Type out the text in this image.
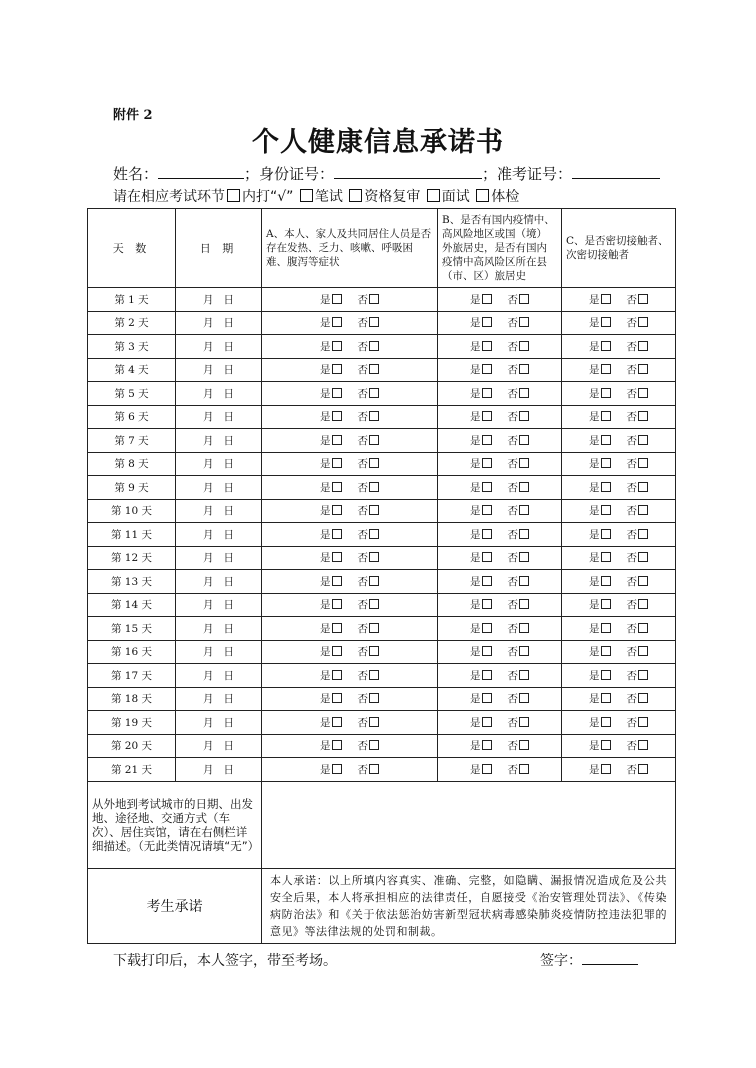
附件 2
个人健康信息承诺书
姓名：	；身份证号：	；准考证号：
请在相应考试环节 内打“√” 笔试 资格复审 面试 体检
天 数	日 期	A、本人、家人及共同居住人员是否存在发热、乏力、咳嗽、呼吸困难、腹泻等症状	B、是否有国内疫情中、高风险地区或国（境）外旅居史，是否有国内疫情中高风险区所在县（市、区）旅居史	C、是否密切接触者、次密切接触者
第 1 天	月   日	是 否	是 否	是 否
第 2 天	月   日	是 否	是 否	是 否
第 3 天	月   日	是 否	是 否	是 否
第 4 天	月   日	是 否	是 否	是 否
第 5 天	月   日	是 否	是 否	是 否
第 6 天	月   日	是 否	是 否	是 否
第 7 天	月   日	是 否	是 否	是 否
第 8 天	月   日	是 否	是 否	是 否
第 9 天	月   日	是 否	是 否	是 否
第 10 天	月   日	是 否	是 否	是 否
第 11 天	月   日	是 否	是 否	是 否
第 12 天	月   日	是 否	是 否	是 否
第 13 天	月   日	是 否	是 否	是 否
第 14 天	月   日	是 否	是 否	是 否
第 15 天	月   日	是 否	是 否	是 否
第 16 天	月   日	是 否	是 否	是 否
第 17 天	月   日	是 否	是 否	是 否
第 18 天	月   日	是 否	是 否	是 否
第 19 天	月   日	是 否	是 否	是 否
第 20 天	月   日	是 否	是 否	是 否
第 21 天	月   日	是 否	是 否	是 否
从外地到考试城市的日期、出发地、途径地、交通方式（车次）、居住宾馆，请在右侧栏详细描述。（无此类情况请填“无”）				
考生承诺		本人承诺：以上所填内容真实、准确、完整，如隐瞒、漏报情况造成危及公共安全后果，本人将承担相应的法律责任，自愿接受《治安管理处罚法》、《传染病防治法》和《关于依法惩治妨害新型冠状病毒感染肺炎疫情防控违法犯罪的意见》等法律法规的处罚和制裁。		
下载打印后，本人签字，带至考场。	签字：
